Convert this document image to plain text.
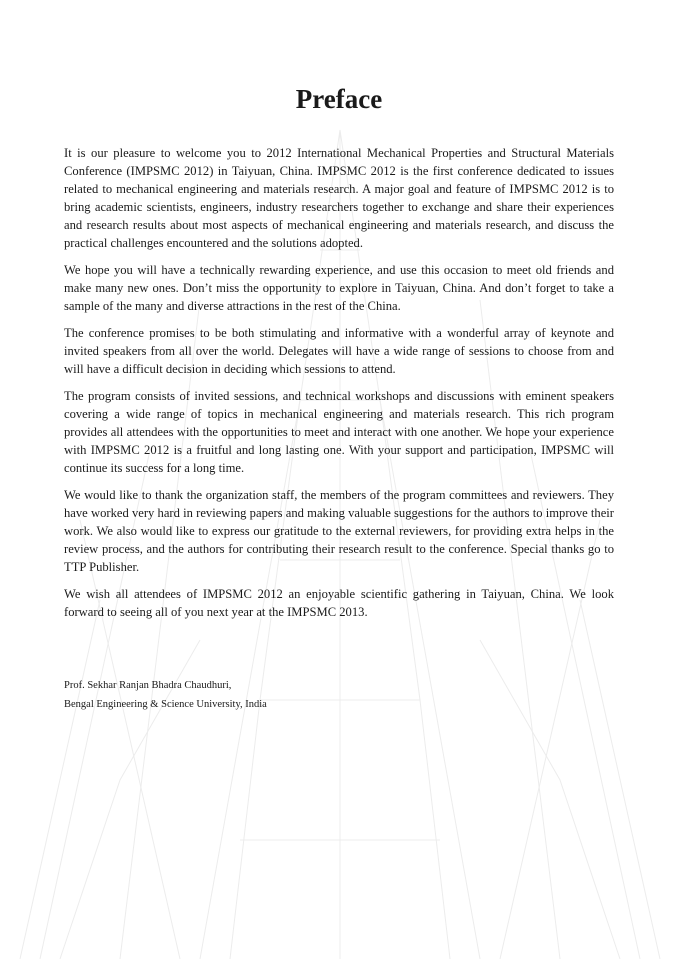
Preface

It is our pleasure to welcome you to 2012 International Mechanical Properties and Structural Materials Conference (IMPSMC 2012) in Taiyuan, China. IMPSMC 2012 is the first conference dedicated to issues related to mechanical engineering and materials research. A major goal and feature of IMPSMC 2012 is to bring academic scientists, engineers, industry researchers together to exchange and share their experiences and research results about most aspects of mechanical engineering and materials research, and discuss the practical challenges encountered and the solutions adopted.

We hope you will have a technically rewarding experience, and use this occasion to meet old friends and make many new ones. Don’t miss the opportunity to explore in Taiyuan, China. And don’t forget to take a sample of the many and diverse attractions in the rest of the China.

The conference promises to be both stimulating and informative with a wonderful array of keynote and invited speakers from all over the world. Delegates will have a wide range of sessions to choose from and will have a difficult decision in deciding which sessions to attend.

The program consists of invited sessions, and technical workshops and discussions with eminent speakers covering a wide range of topics in mechanical engineering and materials research. This rich program provides all attendees with the opportunities to meet and interact with one another. We hope your experience with IMPSMC 2012 is a fruitful and long lasting one. With your support and participation, IMPSMC will continue its success for a long time.

We would like to thank the organization staff, the members of the program committees and reviewers. They have worked very hard in reviewing papers and making valuable suggestions for the authors to improve their work. We also would like to express our gratitude to the external reviewers, for providing extra helps in the review process, and the authors for contributing their research result to the conference. Special thanks go to TTP Publisher.

We wish all attendees of IMPSMC 2012 an enjoyable scientific gathering in Taiyuan, China. We look forward to seeing all of you next year at the IMPSMC 2013.

Prof. Sekhar Ranjan Bhadra Chaudhuri,
Bengal Engineering & Science University, India
